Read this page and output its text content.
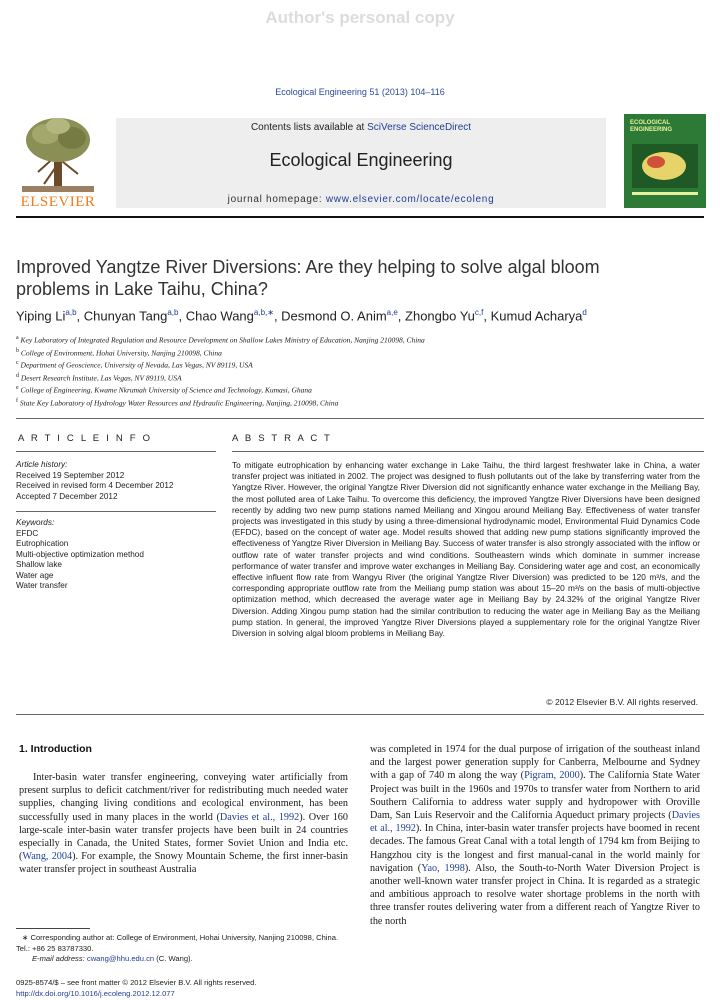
Author's personal copy
Ecological Engineering 51 (2013) 104–116
ELSEVIER
Contents lists available at SciVerse ScienceDirect
Ecological Engineering
journal homepage: www.elsevier.com/locate/ecoleng
ECOLOGICAL ENGINEERING
Improved Yangtze River Diversions: Are they helping to solve algal bloom
problems in Lake Taihu, China?
Yiping Li$^{a,b}$, Chunyan Tang$^{a,b}$, Chao Wang$^{a,b,∗}$, Desmond O. Anim$^{a,e}$, Zhongbo Yu$^{c,f}$, Kumud Acharya$^d$
$^a$ Key Laboratory of Integrated Regulation and Resource Development on Shallow Lakes Ministry of Education, Nanjing 210098, China
$^b$ College of Environment, Hohai University, Nanjing 210098, China
$^c$ Department of Geoscience, University of Nevada, Las Vegas, NV 89119, USA
$^d$ Desert Research Institute, Las Vegas, NV 89119, USA
$^e$ College of Engineering, Kwame Nkrumah University of Science and Technology, Kumasi, Ghana
$^f$ State Key Laboratory of Hydrology Water Resources and Hydraulic Engineering, Nanjing, 210098, China
A R T I C L E I N F O
Article history:
Received 19 September 2012
Received in revised form 4 December 2012
Accepted 7 December 2012
Keywords:
EFDC
Eutrophication
Multi-objective optimization method
Shallow lake
Water age
Water transfer
A B S T R A C T
To mitigate eutrophication by enhancing water exchange in Lake Taihu, the third largest freshwater lake in China, a water transfer project was initiated in 2002. The project was designed to flush pollutants out of the lake by transferring water from the Yangtze River. However, the original Yangtze River Diversion did not significantly enhance water exchange in the Meiliang Bay, the most polluted area of Lake Taihu. To overcome this deficiency, the improved Yangtze River Diversions have been designed recently by adding two new pump stations named Meiliang and Xingou around Meiliang Bay. Effectiveness of water transfer projects was investigated in this study by using a three-dimensional hydrodynamic model, Environmental Fluid Dynamics Code (EFDC), based on the concept of water age. Model results showed that adding new pump stations significantly improved the effectiveness of Yangtze River Diversion in Meiliang Bay. Success of water transfer is also strongly associated with the inflow or outflow rate of water transfer projects and wind conditions. Southeastern winds which dominate in summer increase performance of water transfer and improve water exchanges in Meiliang Bay. Considering water age and cost, an economically effective influent flow rate from Wangyu River (the original Yangtze River Diversion) was predicted to be 120 m³/s, and the corresponding appropriate outflow rate from the Meiliang pump station was about 15–20 m³/s on the basis of multi-objective optimization method, which decreased the average water age in Meiliang Bay by 24.32% of the original Yangtze River Diversion. Adding Xingou pump station had the similar contribution to reducing the water age in Meiliang Bay as the Meiliang pump station. In general, the improved Yangtze River Diversions played a supplementary role for the original Yangtze River Diversion in solving algal bloom problems in Meiliang Bay.
© 2012 Elsevier B.V. All rights reserved.
1. Introduction
Inter-basin water transfer engineering, conveying water artificially from present surplus to deficit catchment/river for redistributing much needed water supplies, changing living conditions and ecological environment, has been successfully used in many places in the world (Davies et al., 1992). Over 160 large-scale inter-basin water transfer projects have been built in 24 countries especially in Canada, the United States, former Soviet Union and India etc. (Wang, 2004). For example, the Snowy Mountain Scheme, the first inner-basin water transfer project in southeast Australia
was completed in 1974 for the dual purpose of irrigation of the southeast inland and the largest power generation supply for Canberra, Melbourne and Sydney with a gap of 740 m along the way (Pigram, 2000). The California State Water Project was built in the 1960s and 1970s to transfer water from Northern to arid Southern California to address water supply and hydropower with Oroville Dam, San Luis Reservoir and the California Aqueduct primary projects (Davies et al., 1992). In China, inter-basin water transfer projects have boomed in recent decades. The famous Great Canal with a total length of 1794 km from Beijing to Hangzhou city is the longest and first manual-canal in the world mainly for navigation (Yao, 1998). Also, the South-to-North Water Diversion Project is another well-known water transfer project in China. It is regarded as a strategic and ambitious approach to resolve water shortage problems in the north with three transfer routes delivering water from a different reach of Yangtze River to the north
∗ Corresponding author at: College of Environment, Hohai University, Nanjing 210098, China. Tel.: +86 25 83787330.
E-mail address: cwang@hhu.edu.cn (C. Wang).
0925-8574/$ – see front matter © 2012 Elsevier B.V. All rights reserved.
http://dx.doi.org/10.1016/j.ecoleng.2012.12.077
